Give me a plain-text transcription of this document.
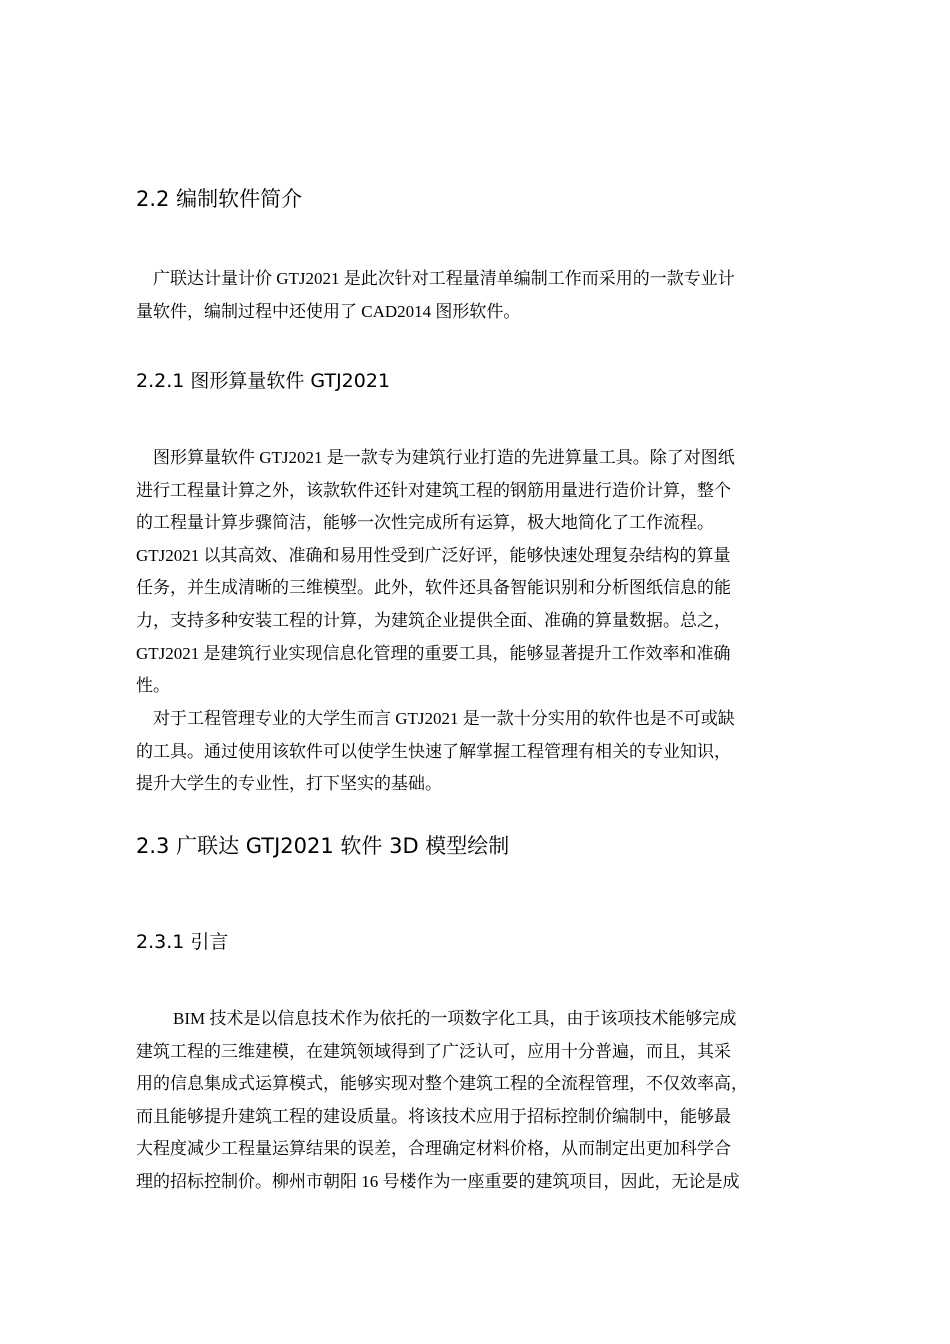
2.2 编制软件简介
广联达计量计价 GTJ2021 是此次针对工程量清单编制工作而采用的一款专业计
量软件，编制过程中还使用了 CAD2014 图形软件。
2.2.1 图形算量软件 GTJ2021
图形算量软件 GTJ2021 是一款专为建筑行业打造的先进算量工具。除了对图纸
进行工程量计算之外，该款软件还针对建筑工程的钢筋用量进行造价计算，整个
的工程量计算步骤简洁，能够一次性完成所有运算，极大地简化了工作流程。
GTJ2021 以其高效、准确和易用性受到广泛好评，能够快速处理复杂结构的算量
任务，并生成清晰的三维模型。此外，软件还具备智能识别和分析图纸信息的能
力，支持多种安装工程的计算，为建筑企业提供全面、准确的算量数据。总之，
GTJ2021 是建筑行业实现信息化管理的重要工具，能够显著提升工作效率和准确
性。
对于工程管理专业的大学生而言 GTJ2021 是一款十分实用的软件也是不可或缺
的工具。通过使用该软件可以使学生快速了解掌握工程管理有相关的专业知识，
提升大学生的专业性，打下坚实的基础。
2.3 广联达 GTJ2021 软件 3D 模型绘制
2.3.1 引言
BIM 技术是以信息技术作为依托的一项数字化工具，由于该项技术能够完成
建筑工程的三维建模，在建筑领域得到了广泛认可，应用十分普遍，而且，其采
用的信息集成式运算模式，能够实现对整个建筑工程的全流程管理，不仅效率高，
而且能够提升建筑工程的建设质量。将该技术应用于招标控制价编制中，能够最
大程度减少工程量运算结果的误差，合理确定材料价格，从而制定出更加科学合
理的招标控制价。柳州市朝阳 16 号楼作为一座重要的建筑项目，因此，无论是成
